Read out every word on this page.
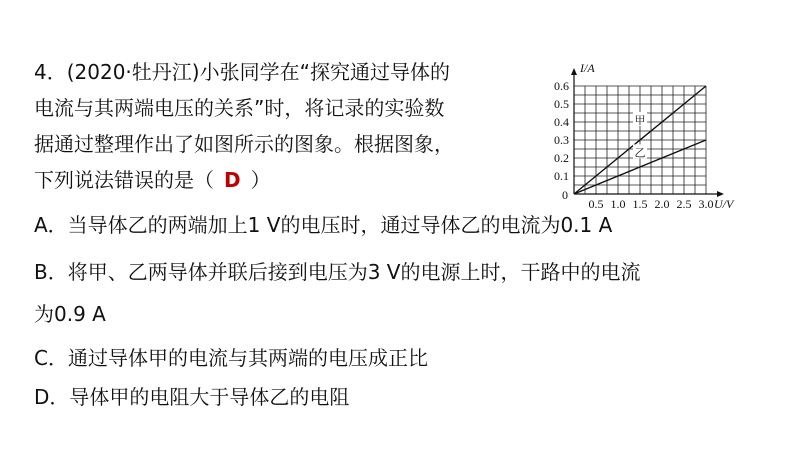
4．(2020·牡丹江)小张同学在“探究通过导体的
电流与其两端电压的关系”时，将记录的实验数
据通过整理作出了如图所示的图象。根据图象，
下列说法错误的是（ D ）
A．当导体乙的两端加上1 V的电压时，通过导体乙的电流为0.1 A
B．将甲、乙两导体并联后接到电压为3 V的电源上时，干路中的电流
为0.9 A
C．通过导体甲的电流与其两端的电压成正比
D．导体甲的电阻大于导体乙的电阻
0.5 1.0 1.5 2.0 2.5 3.0
0.1
0.2
0.3
0.4
0.5
0.6
0
U/V
I/A
甲
乙
